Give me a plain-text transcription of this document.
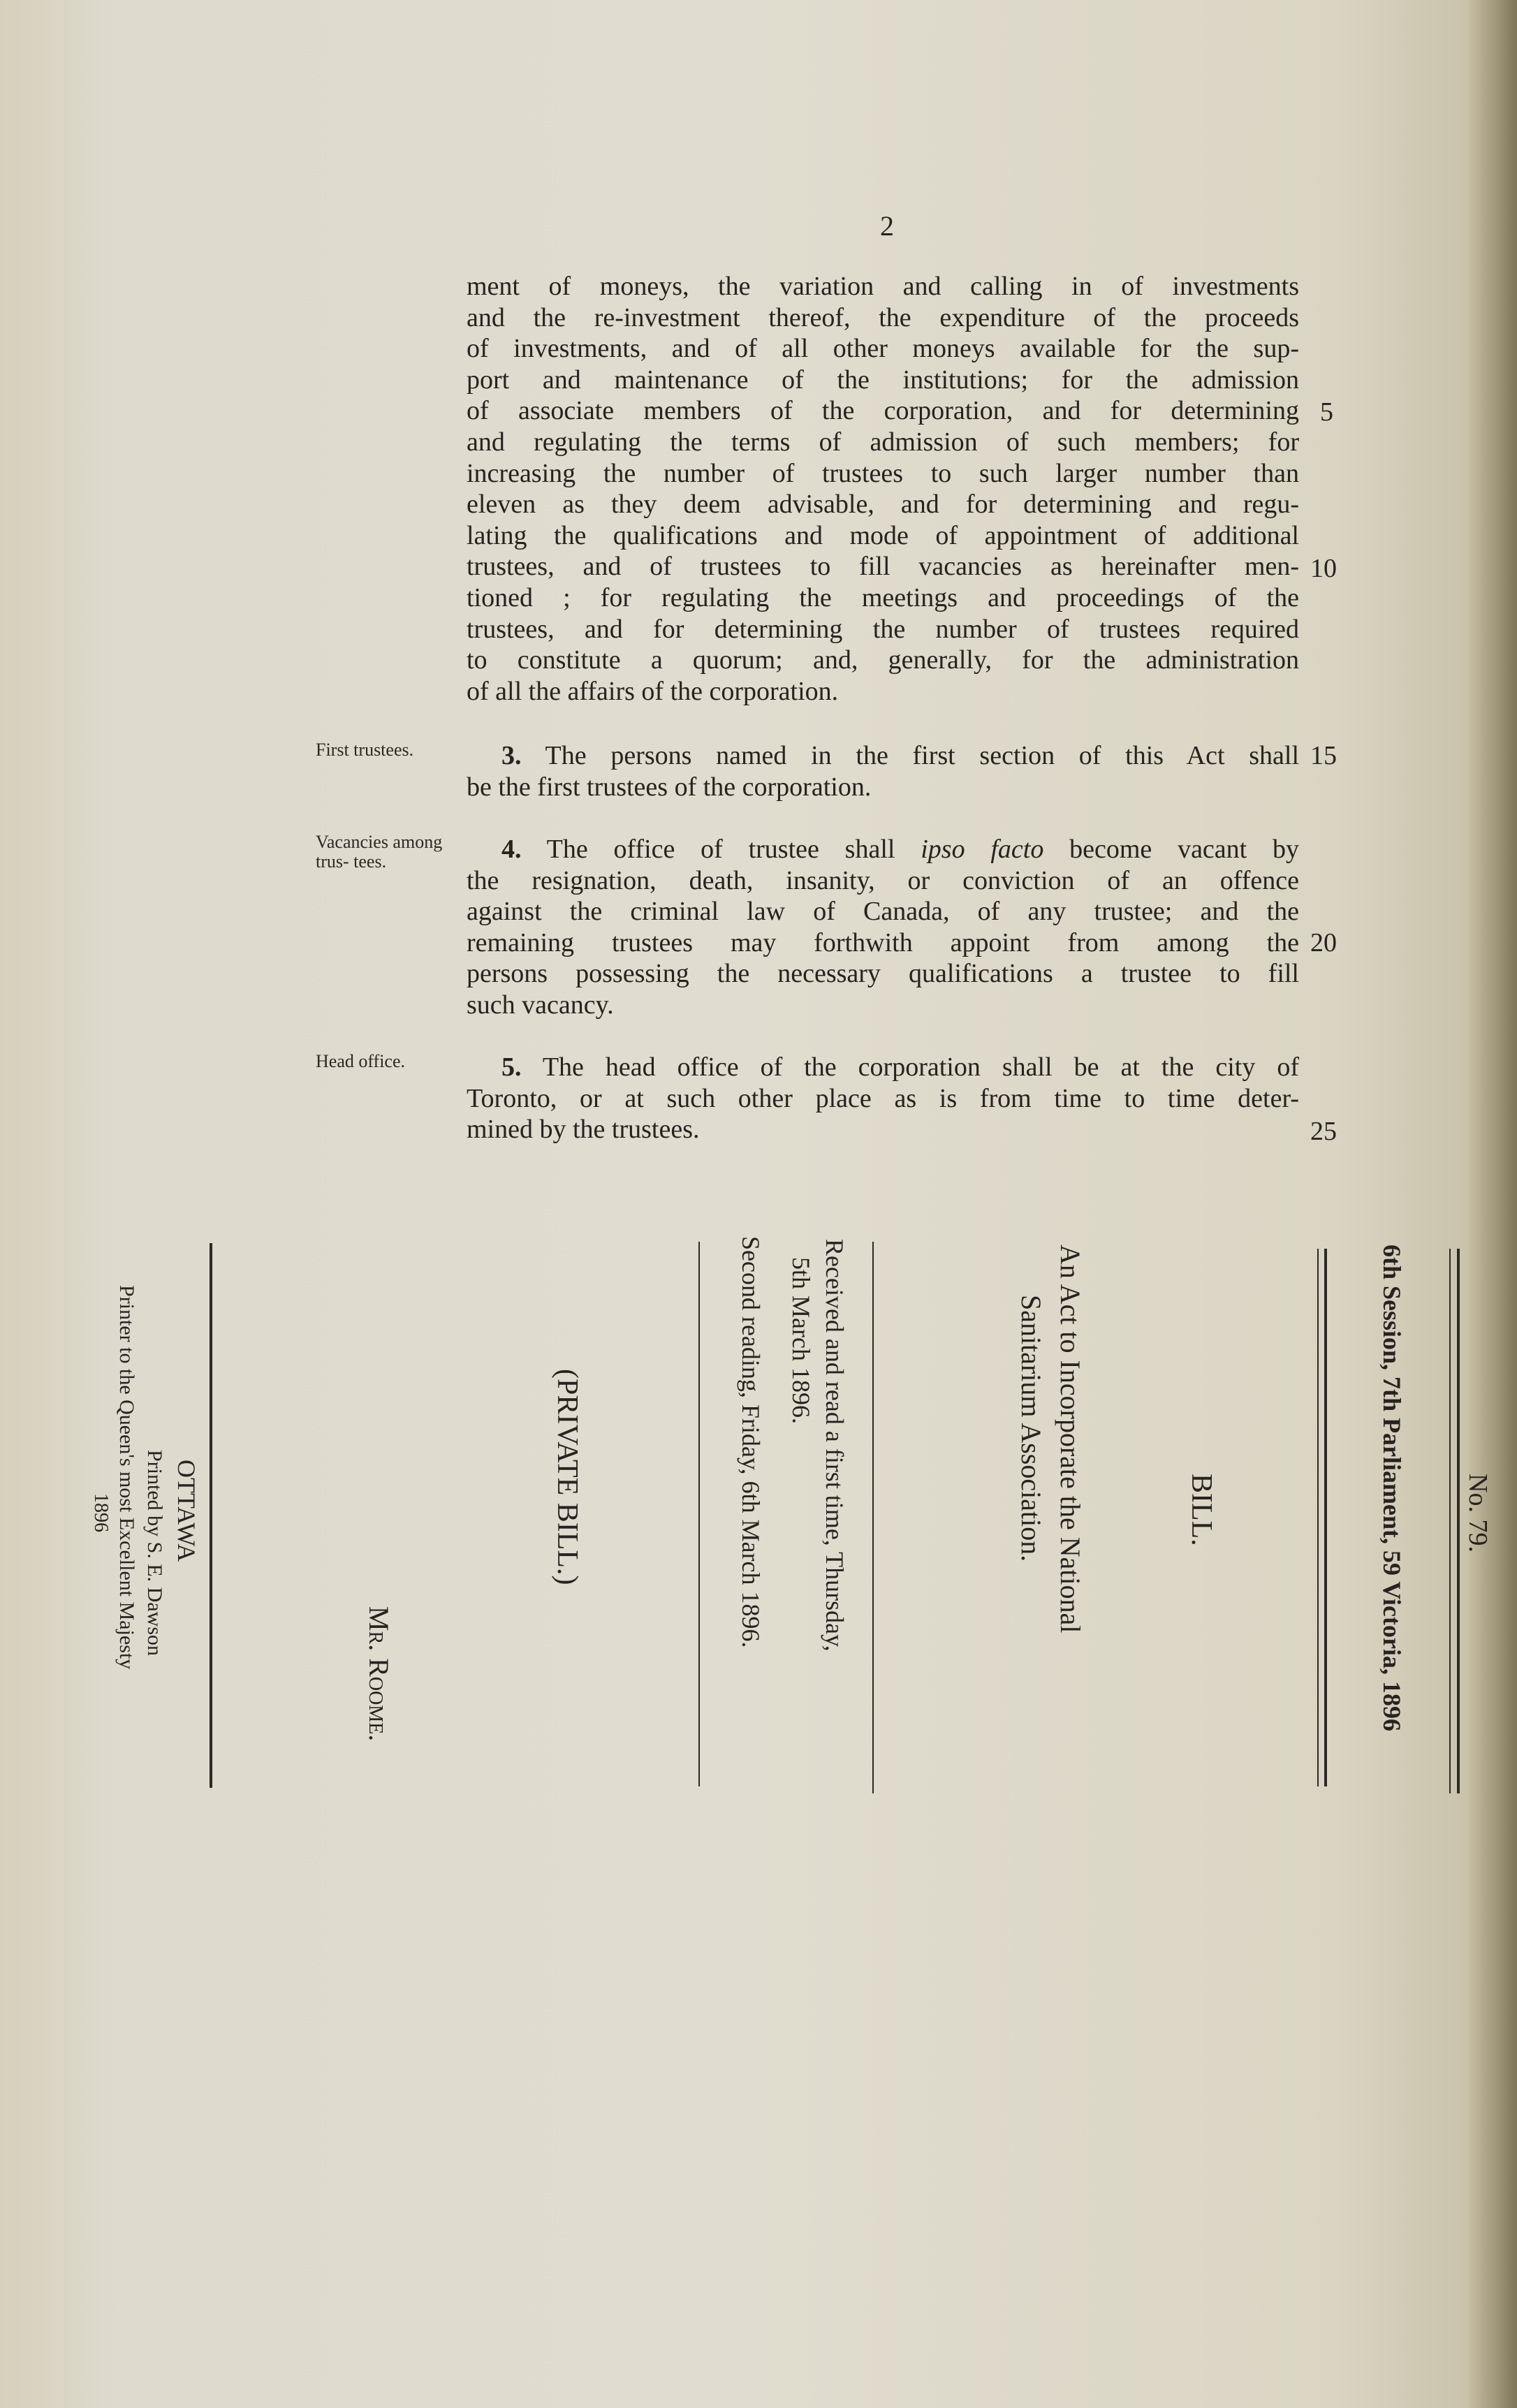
2
ment of moneys, the variation and calling in of investments
and the re-investment thereof, the expenditure of the proceeds
of investments, and of all other moneys available for the sup-
port and maintenance of the institutions; for the admission
of associate members of the corporation, and for determining
and regulating the terms of admission of such members; for
increasing the number of trustees to such larger number than
eleven as they deem advisable, and for determining and regu-
lating the qualifications and mode of appointment of additional
trustees, and of trustees to fill vacancies as hereinafter men-
tioned ; for regulating the meetings and proceedings of the
trustees, and for determining the number of trustees required
to constitute a quorum; and, generally, for the administration
of all the affairs of the corporation.
First trustees.	3. The persons named in the first section of this Act shall
be the first trustees of the corporation.
Vacancies among trus- tees.	4. The office of trustee shall ipso facto become vacant by
the resignation, death, insanity, or conviction of an offence
against the criminal law of Canada, of any trustee; and the
remaining trustees may forthwith appoint from among the
persons possessing the necessary qualifications a trustee to fill
such vacancy.
Head office.	5. The head office of the corporation shall be at the city of
Toronto, or at such other place as is from time to time deter-
mined by the trustees.
5
10
15
20
25
No. 79.
6th Session, 7th Parliament, 59 Victoria, 1896
BILL.
An Act to Incorporate the National
Sanitarium Association.
Received and read a first time, Thursday,
5th March 1896.
Second reading, Friday, 6th March 1896.
(PRIVATE BILL.)
Mr. Roome.
OTTAWA
Printed by S. E. Dawson
Printer to the Queen's most Excellent Majesty
1896
